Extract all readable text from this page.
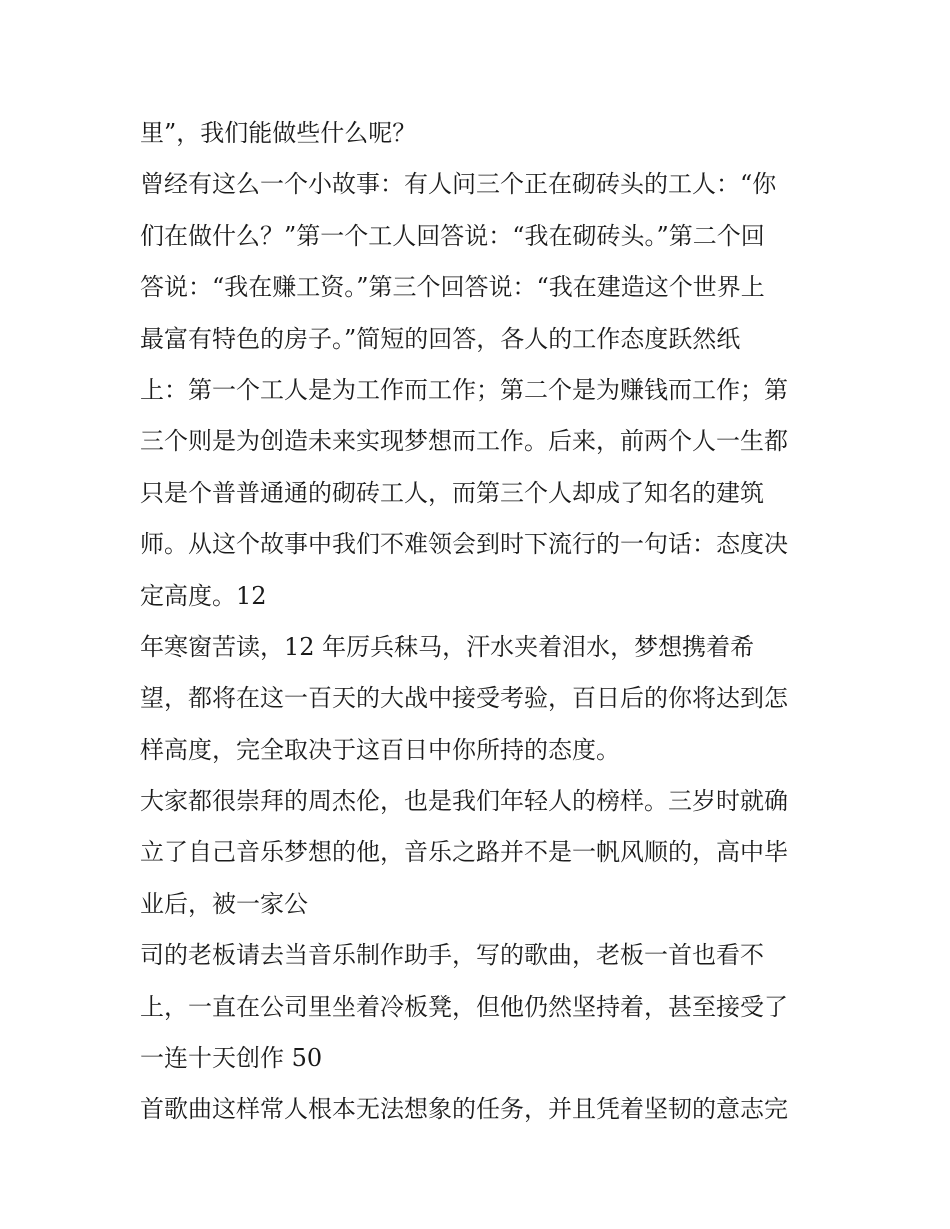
里”，我们能做些什么呢？
曾经有这么一个小故事：有人问三个正在砌砖头的工人：“你
们在做什么？”第一个工人回答说：“我在砌砖头。”第二个回
答说：“我在赚工资。”第三个回答说：“我在建造这个世界上
最富有特色的房子。”简短的回答，各人的工作态度跃然纸
上：第一个工人是为工作而工作；第二个是为赚钱而工作；第
三个则是为创造未来实现梦想而工作。后来，前两个人一生都
只是个普普通通的砌砖工人，而第三个人却成了知名的建筑
师。从这个故事中我们不难领会到时下流行的一句话：态度决
定高度。12
年寒窗苦读，12 年厉兵秣马，汗水夹着泪水，梦想携着希
望，都将在这一百天的大战中接受考验，百日后的你将达到怎
样高度，完全取决于这百日中你所持的态度。
大家都很崇拜的周杰伦，也是我们年轻人的榜样。三岁时就确
立了自己音乐梦想的他，音乐之路并不是一帆风顺的，高中毕
业后，被一家公
司的老板请去当音乐制作助手，写的歌曲，老板一首也看不
上，一直在公司里坐着冷板凳，但他仍然坚持着，甚至接受了
一连十天创作 50
首歌曲这样常人根本无法想象的任务，并且凭着坚韧的意志完
